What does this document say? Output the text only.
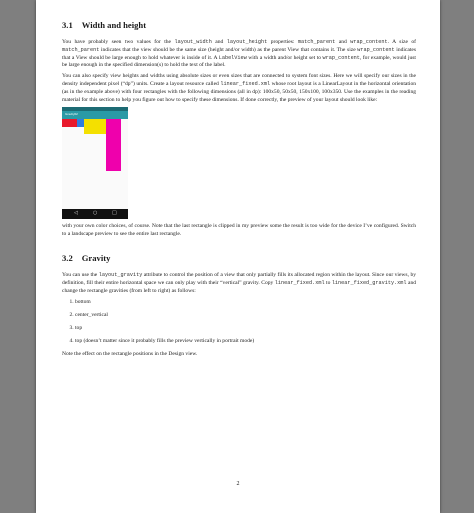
3.1 Width and height

You have probably seen two values for the layout_width and layout_height properties: match_parent and wrap_content. A size of match_parent indicates that the view should be the same size (height and/or width) as the parent View that contains it. The size wrap_content indicates that a View should be large enough to hold whatever is inside of it. A LabelView with a width and/or height set to wrap_content, for example, would just be large enough in the specified dimension(s) to hold the text of the label.

You can also specify view heights and widths using absolute sizes or even sizes that are connected to system font sizes. Here we will specify our sizes in the density independent pixel (“dp”) units. Create a layout resource called linear_fixed.xml whose root layout is a LinearLayout in the horizontal orientation (as in the example above) with four rectangles with the following dimensions (all in dp): 100x50, 50x50, 150x100, 100x350. Use the examples in the reading material for this section to help you figure out how to specify these dimensions. If done correctly, the preview of your layout should look like:

Gravity02
◁	○	□

with your own color choices, of course. Note that the last rectangle is clipped in my preview some the result is too wide for the device I’ve configured. Switch to a landscape preview to see the entire last rectangle.

3.2 Gravity

You can use the layout_gravity attribute to control the position of a view that only partially fills its allocated region within the layout. Since our views, by definition, fill their entire horizontal space we can only play with their “vertical” gravity. Copy linear_fixed.xml to linear_fixed_gravity.xml and change the rectangle gravities (from left to right) as follows:

1. bottom
2. center_vertical
3. top
4. top (doesn’t matter since it probably fills the preview vertically in portrait mode)

Note the effect on the rectangle positions in the Design view.

2
